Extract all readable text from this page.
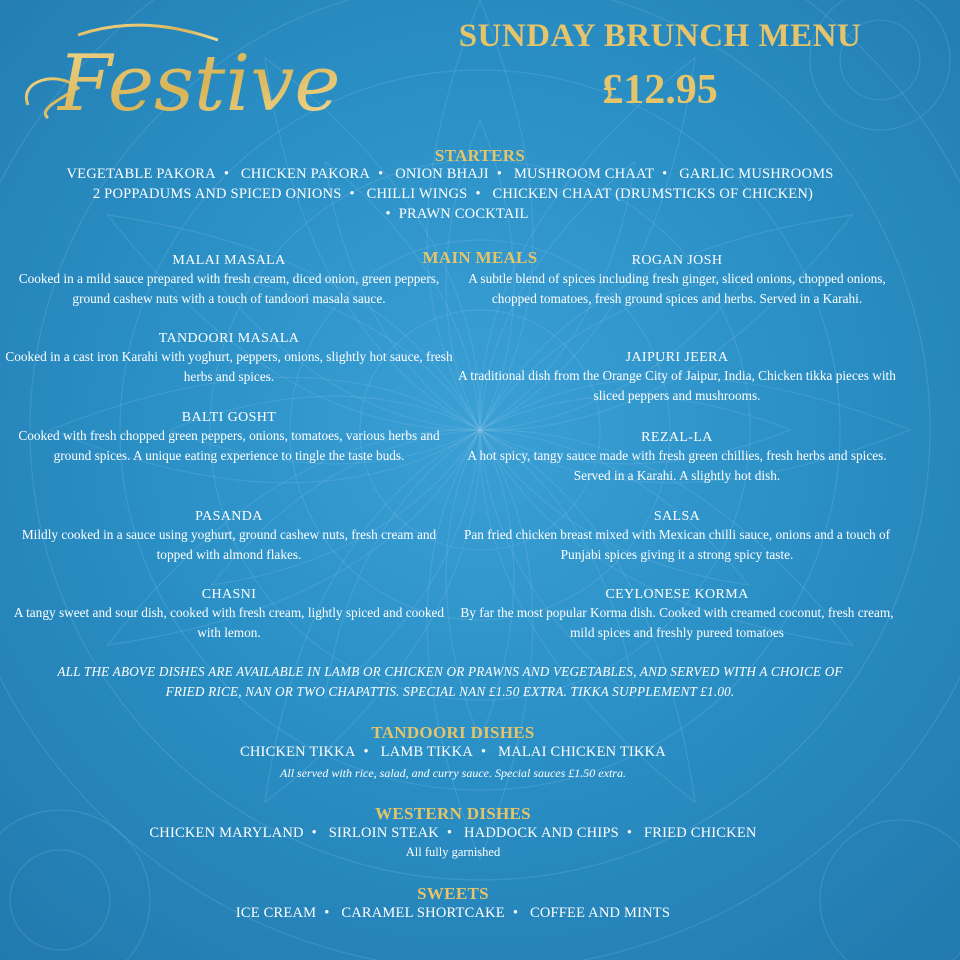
Festive
SUNDAY BRUNCH MENU
£12.95
STARTERS
VEGETABLE PAKORA • CHICKEN PAKORA • ONION BHAJI • MUSHROOM CHAAT • GARLIC MUSHROOMS
2 POPPADUMS AND SPICED ONIONS • CHILLI WINGS • CHICKEN CHAAT (DRUMSTICKS OF CHICKEN)
• PRAWN COCKTAIL
MAIN MEALS
MALAI MASALA
Cooked in a mild sauce prepared with fresh cream, diced onion, green peppers, ground cashew nuts with a touch of tandoori masala sauce.
TANDOORI MASALA
Cooked in a cast iron Karahi with yoghurt, peppers, onions, slightly hot sauce, fresh herbs and spices.
BALTI GOSHT
Cooked with fresh chopped green peppers, onions, tomatoes, various herbs and ground spices. A unique eating experience to tingle the taste buds.
PASANDA
Mildly cooked in a sauce using yoghurt, ground cashew nuts, fresh cream and topped with almond flakes.
CHASNI
A tangy sweet and sour dish, cooked with fresh cream, lightly spiced and cooked with lemon.
ROGAN JOSH
A subtle blend of spices including fresh ginger, sliced onions, chopped onions, chopped tomatoes, fresh ground spices and herbs. Served in a Karahi.
JAIPURI JEERA
A traditional dish from the Orange City of Jaipur, India, Chicken tikka pieces with sliced peppers and mushrooms.
REZAL-LA
A hot spicy, tangy sauce made with fresh green chillies, fresh herbs and spices. Served in a Karahi. A slightly hot dish.
SALSA
Pan fried chicken breast mixed with Mexican chilli sauce, onions and a touch of Punjabi spices giving it a strong spicy taste.
CEYLONESE KORMA
By far the most popular Korma dish. Cooked with creamed coconut, fresh cream, mild spices and freshly pureed tomatoes
ALL THE ABOVE DISHES ARE AVAILABLE IN LAMB OR CHICKEN OR PRAWNS AND VEGETABLES, AND SERVED WITH A CHOICE OF
FRIED RICE, NAN OR TWO CHAPATTIS. SPECIAL NAN £1.50 EXTRA. TIKKA SUPPLEMENT £1.00.
TANDOORI DISHES
CHICKEN TIKKA • LAMB TIKKA • MALAI CHICKEN TIKKA
All served with rice, salad, and curry sauce. Special sauces £1.50 extra.
WESTERN DISHES
CHICKEN MARYLAND • SIRLOIN STEAK • HADDOCK AND CHIPS • FRIED CHICKEN
All fully garnished
SWEETS
ICE CREAM • CARAMEL SHORTCAKE • COFFEE AND MINTS
